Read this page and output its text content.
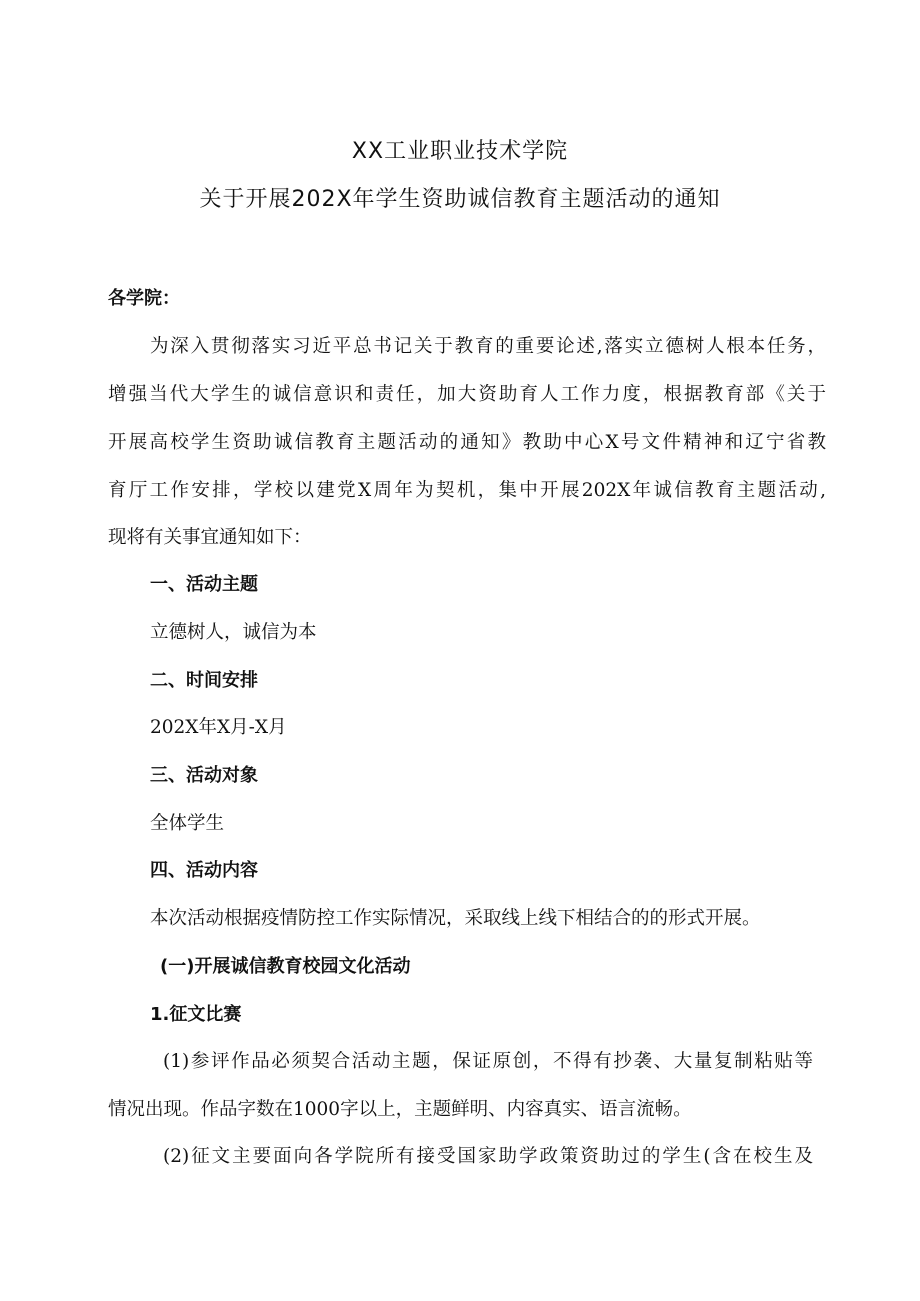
XX工业职业技术学院
关于开展202X年学生资助诚信教育主题活动的通知
各学院：
为深入贯彻落实习近平总书记关于教育的重要论述,落实立德树人根本任务，
增强当代大学生的诚信意识和责任，加大资助育人工作力度，根据教育部《关于
开展高校学生资助诚信教育主题活动的通知》教助中心X号文件精神和辽宁省教
育厅工作安排，学校以建党X周年为契机，集中开展202X年诚信教育主题活动,
现将有关事宜通知如下：
一、活动主题
立德树人，诚信为本
二、时间安排
202X年X月-X月
三、活动对象
全体学生
四、活动内容
本次活动根据疫情防控工作实际情况，采取线上线下相结合的的形式开展。
(一)开展诚信教育校园文化活动
1.征文比赛
(1)参评作品必须契合活动主题，保证原创，不得有抄袭、大量复制粘贴等
情况出现。作品字数在1000字以上，主题鲜明、内容真实、语言流畅。
(2)征文主要面向各学院所有接受国家助学政策资助过的学生(含在校生及
